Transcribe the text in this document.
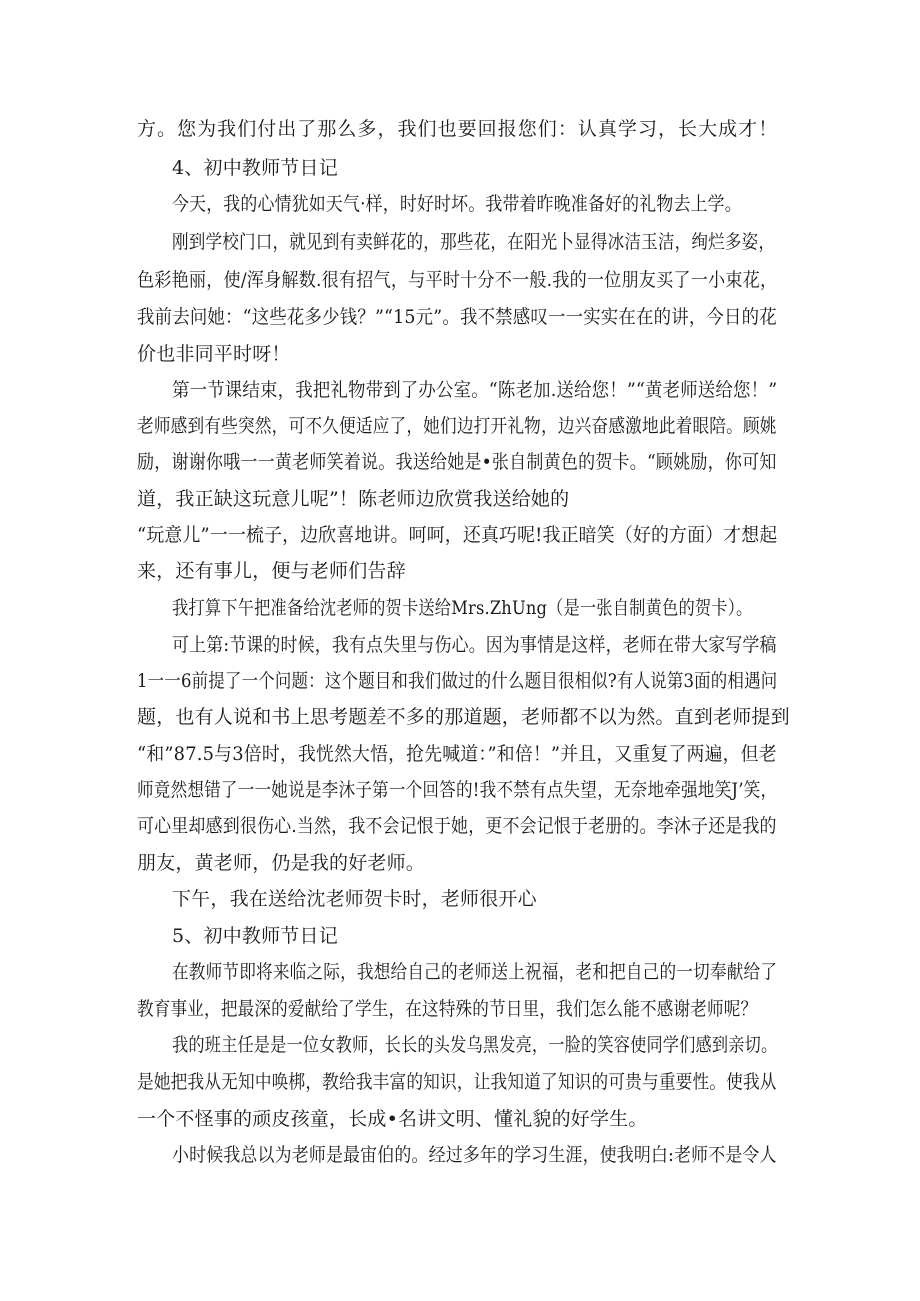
方。您为我们付出了那么多，我们也要回报您们：认真学习，长大成才！
4、初中教师节日记
今天，我的心情犹如天气·样，时好时坏。我带着昨晚准备好的礼物去上学。
刚到学校门口，就见到有卖鲜花的，那些花，在阳光卜显得冰洁玉洁，绚烂多姿，
色彩艳丽，使/浑身解数.很有招气，与平时十分不一般.我的一位朋友买了一小束花，
我前去问她：“这些花多少钱？”“15元”。我不禁感叹一一实实在在的讲，今日的花
价也非同平时呀！
第一节课结束，我把礼物带到了办公室。“陈老加.送给您！”“黄老师送给您！”
老师感到有些突然，可不久便适应了，她们边打开礼物，边兴奋感激地此着眼陪。顾姚
励，谢谢你哦一一黄老师笑着说。我送给她是•张自制黄色的贺卡。“顾姚励，你可知
道，我正缺这玩意儿呢”！陈老师边欣赏我送给她的
“玩意儿”一一梳子，边欣喜地讲。呵呵，还真巧呢!我正暗笑（好的方面）才想起
来，还有事儿，便与老师们告辞
我打算下午把准备给沈老师的贺卡送给Mrs.ZhUng（是一张自制黄色的贺卡）。
可上第:节课的时候，我有点失里与伤心。因为事情是这样，老师在带大家写学稿
1一一6前提了一个问题：这个题目和我们做过的什么题目很相似?有人说第3面的相遇问
题，也有人说和书上思考题差不多的那道题，老师都不以为然。直到老师提到
“和”87.5与3倍时，我恍然大悟，抢先喊道：”和倍！”并且，又重复了两遍，但老
师竟然想错了一一她说是李沐子第一个回答的!我不禁有点失望，无奈地牵强地笑J’笑，
可心里却感到很伤心.当然，我不会记恨于她，更不会记恨于老册的。李沐子还是我的
朋友，黄老师，仍是我的好老师。
下午，我在送给沈老师贺卡时，老师很开心
5、初中教师节日记
在教师节即将来临之际，我想给自己的老师送上祝福，老和把自己的一切奉献给了
教育事业，把最深的爱献给了学生，在这特殊的节日里，我们怎么能不感谢老师呢？
我的班主任是是一位女教师，长长的头发乌黑发亮，一脸的笑容使同学们感到亲切。
是她把我从无知中唤梆，教给我丰富的知识，让我知道了知识的可贵与重要性。使我从
一个不怪事的顽皮孩童，长成•名讲文明、懂礼貌的好学生。
小时候我总以为老师是最宙伯的。经过多年的学习生涯，使我明白:老师不是令人
